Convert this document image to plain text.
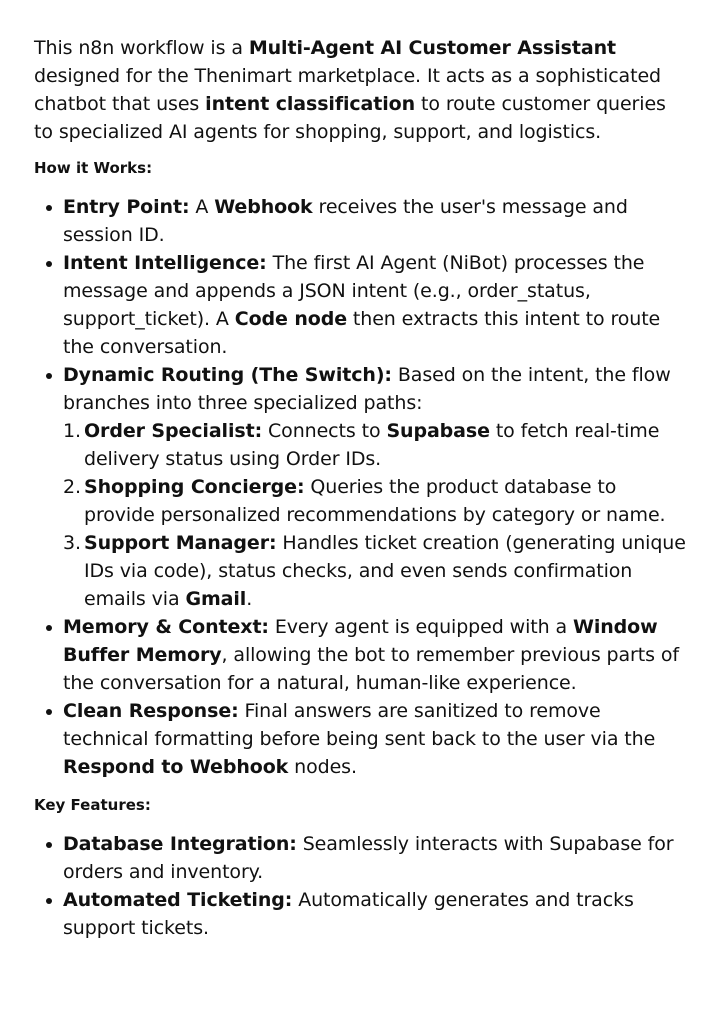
This n8n workflow is a Multi-Agent AI Customer Assistant designed for the Thenimart marketplace. It acts as a sophisticated chatbot that uses intent classification to route customer queries to specialized AI agents for shopping, support, and logistics.

How it Works:
Entry Point: A Webhook receives the user's message and session ID.
Intent Intelligence: The first AI Agent (NiBot) processes the message and appends a JSON intent (e.g., order_status, support_ticket). A Code node then extracts this intent to route the conversation.
Dynamic Routing (The Switch): Based on the intent, the flow branches into three specialized paths:
1. Order Specialist: Connects to Supabase to fetch real-time delivery status using Order IDs.
2. Shopping Concierge: Queries the product database to provide personalized recommendations by category or name.
3. Support Manager: Handles ticket creation (generating unique IDs via code), status checks, and even sends confirmation emails via Gmail.
Memory & Context: Every agent is equipped with a Window Buffer Memory, allowing the bot to remember previous parts of the conversation for a natural, human-like experience.
Clean Response: Final answers are sanitized to remove technical formatting before being sent back to the user via the Respond to Webhook nodes.
Key Features:
Database Integration: Seamlessly interacts with Supabase for orders and inventory.
Automated Ticketing: Automatically generates and tracks support tickets.
